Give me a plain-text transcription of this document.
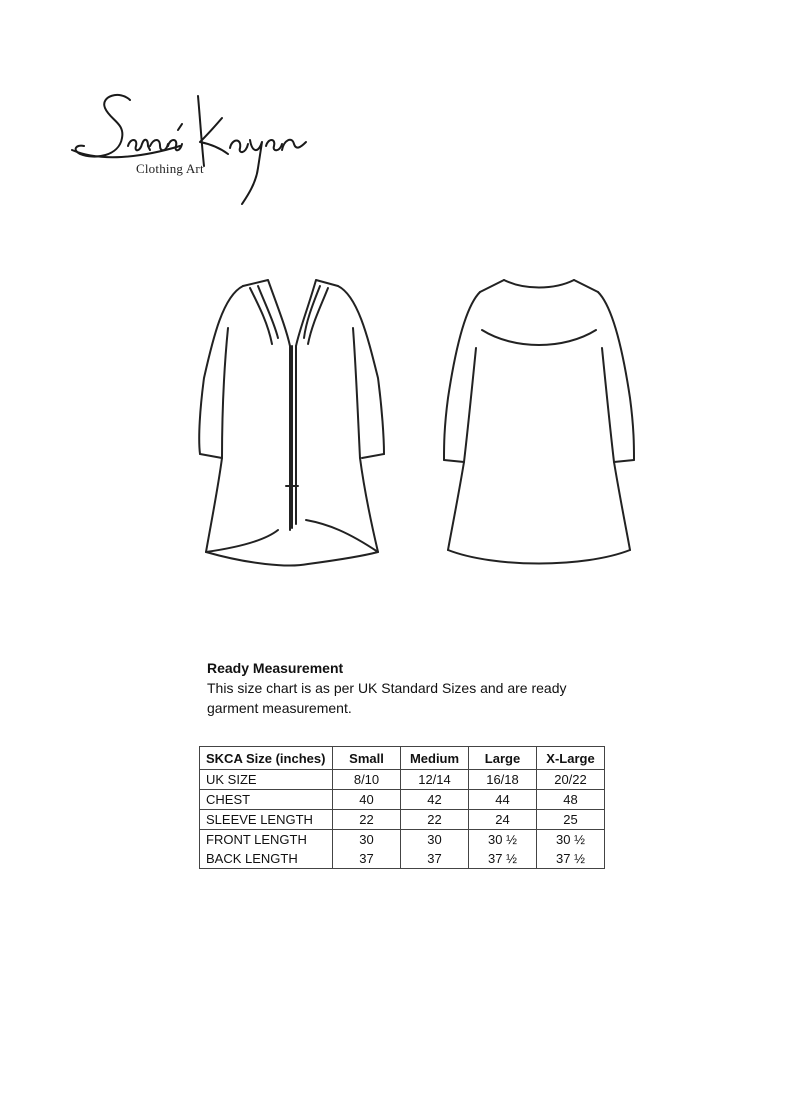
Clothing Art
Ready Measurement
This size chart is as per UK Standard Sizes and are ready garment measurement.
SKCA Size (inches)	Small	Medium	Large	X-Large
UK SIZE	8/10	12/14	16/18	20/22
CHEST	40	42	44	48
SLEEVE LENGTH	22	22	24	25
FRONT LENGTH	30	30	30 ½	30 ½
BACK LENGTH	37	37	37 ½	37 ½
